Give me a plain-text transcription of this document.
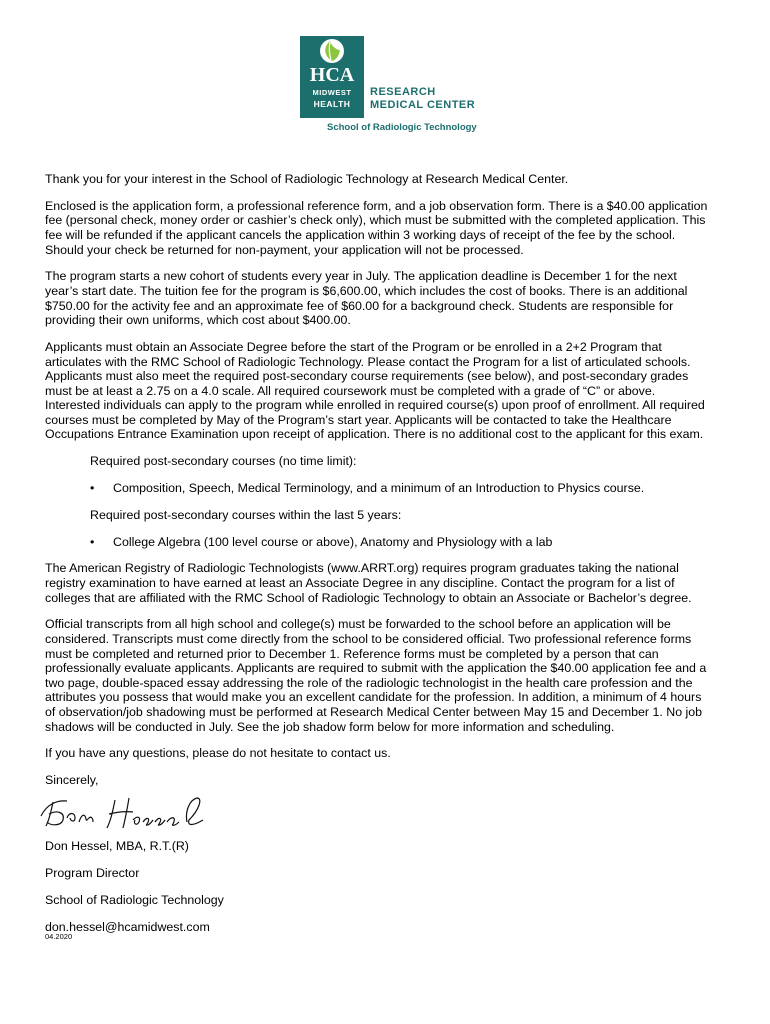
HCA
MIDWEST
HEALTH
RESEARCH
MEDICAL CENTER
School of Radiologic Technology

Thank you for your interest in the School of Radiologic Technology at Research Medical Center.

Enclosed is the application form, a professional reference form, and a job observation form. There is a $40.00 application
fee (personal check, money order or cashier’s check only), which must be submitted with the completed application. This
fee will be refunded if the applicant cancels the application within 3 working days of receipt of the fee by the school.
Should your check be returned for non-payment, your application will not be processed.

The program starts a new cohort of students every year in July. The application deadline is December 1 for the next
year’s start date. The tuition fee for the program is $6,600.00, which includes the cost of books. There is an additional
$750.00 for the activity fee and an approximate fee of $60.00 for a background check. Students are responsible for
providing their own uniforms, which cost about $400.00.

Applicants must obtain an Associate Degree before the start of the Program or be enrolled in a 2+2 Program that
articulates with the RMC School of Radiologic Technology. Please contact the Program for a list of articulated schools.
Applicants must also meet the required post-secondary course requirements (see below), and post-secondary grades
must be at least a 2.75 on a 4.0 scale. All required coursework must be completed with a grade of “C” or above.
Interested individuals can apply to the program while enrolled in required course(s) upon proof of enrollment. All required
courses must be completed by May of the Program’s start year. Applicants will be contacted to take the Healthcare
Occupations Entrance Examination upon receipt of application. There is no additional cost to the applicant for this exam.

Required post-secondary courses (no time limit):

• Composition, Speech, Medical Terminology, and a minimum of an Introduction to Physics course.

Required post-secondary courses within the last 5 years:

• College Algebra (100 level course or above), Anatomy and Physiology with a lab

The American Registry of Radiologic Technologists (www.ARRT.org) requires program graduates taking the national
registry examination to have earned at least an Associate Degree in any discipline. Contact the program for a list of
colleges that are affiliated with the RMC School of Radiologic Technology to obtain an Associate or Bachelor’s degree.

Official transcripts from all high school and college(s) must be forwarded to the school before an application will be
considered. Transcripts must come directly from the school to be considered official. Two professional reference forms
must be completed and returned prior to December 1. Reference forms must be completed by a person that can
professionally evaluate applicants. Applicants are required to submit with the application the $40.00 application fee and a
two page, double-spaced essay addressing the role of the radiologic technologist in the health care profession and the
attributes you possess that would make you an excellent candidate for the profession. In addition, a minimum of 4 hours
of observation/job shadowing must be performed at Research Medical Center between May 15 and December 1. No job
shadows will be conducted in July. See the job shadow form below for more information and scheduling.

If you have any questions, please do not hesitate to contact us.

Sincerely,

Don Hessel, MBA, R.T.(R)

Program Director

School of Radiologic Technology

don.hessel@hcamidwest.com

04.2020
